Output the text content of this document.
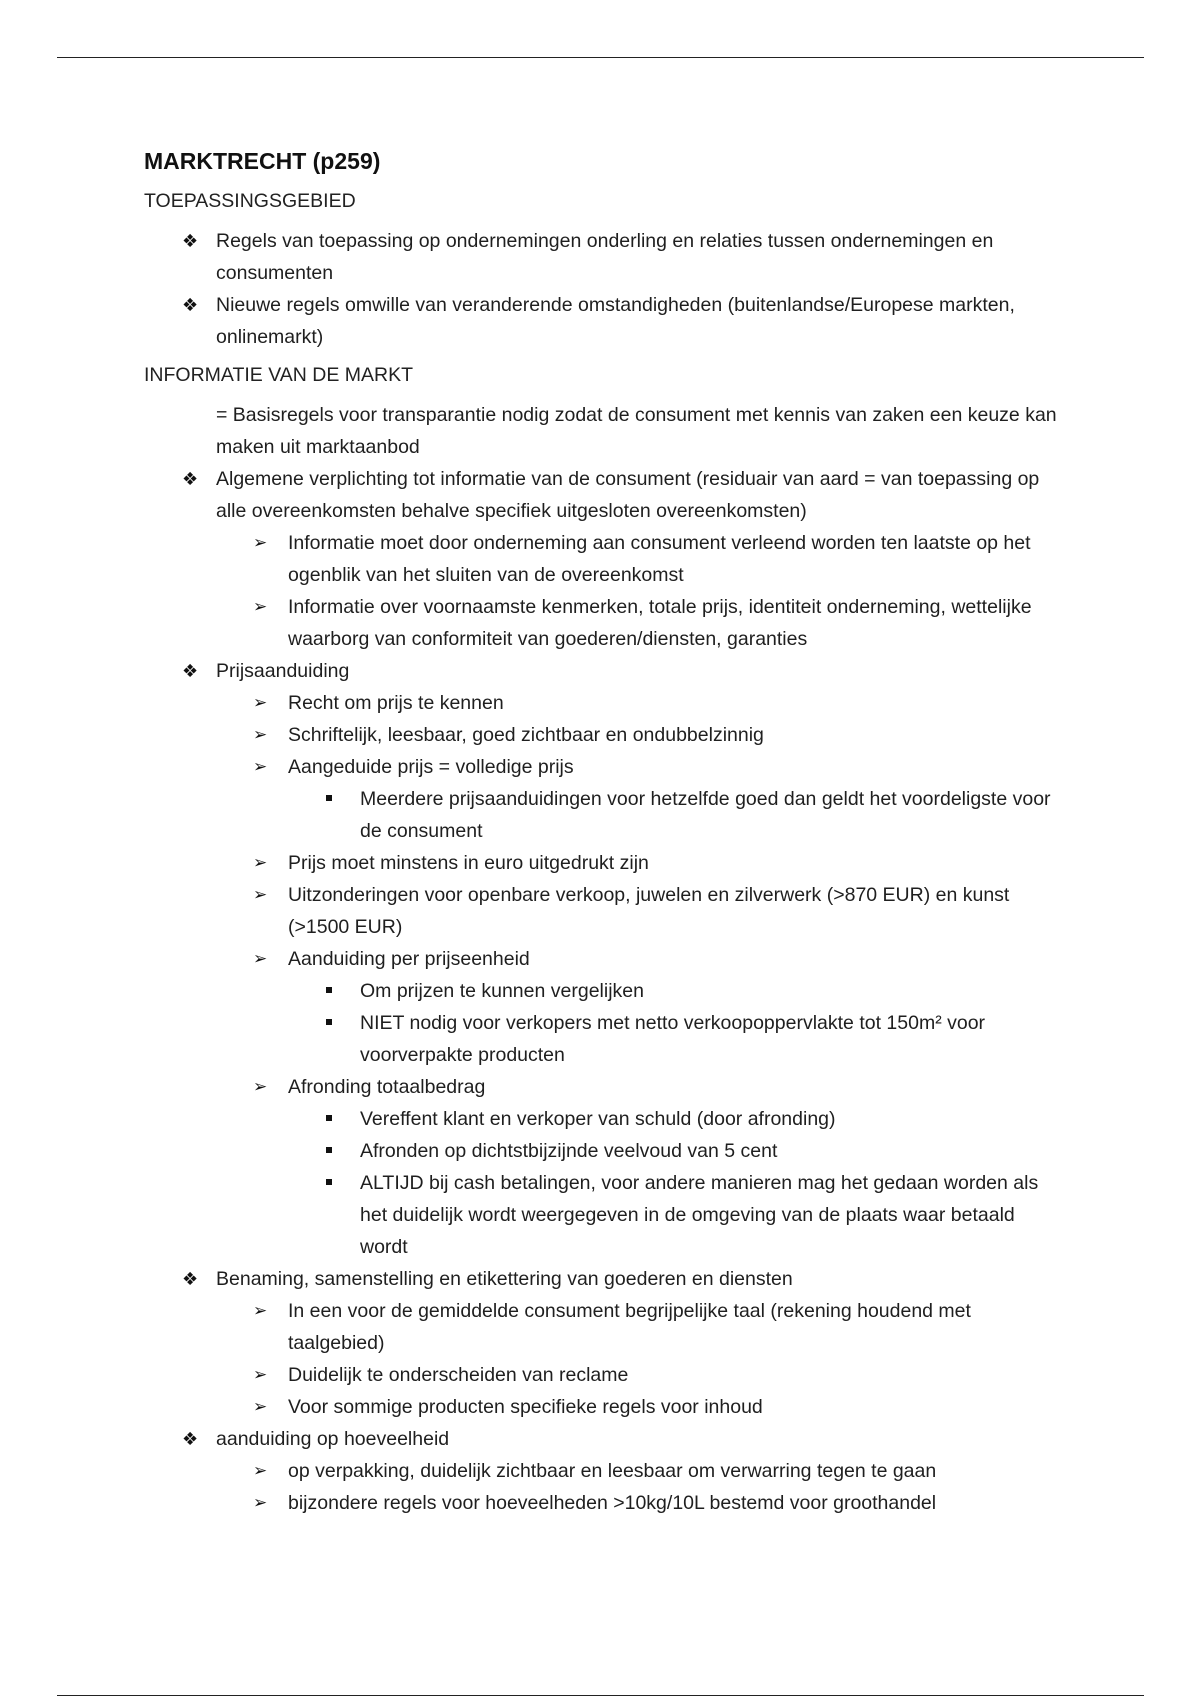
MARKTRECHT (p259)
TOEPASSINGSGEBIED
❖ Regels van toepassing op ondernemingen onderling en relaties tussen ondernemingen en consumenten
❖ Nieuwe regels omwille van veranderende omstandigheden (buitenlandse/Europese markten, onlinemarkt)
INFORMATIE VAN DE MARKT
= Basisregels voor transparantie nodig zodat de consument met kennis van zaken een keuze kan maken uit marktaanbod
❖ Algemene verplichting tot informatie van de consument (residuair van aard = van toepassing op alle overeenkomsten behalve specifiek uitgesloten overeenkomsten)
➢ Informatie moet door onderneming aan consument verleend worden ten laatste op het ogenblik van het sluiten van de overeenkomst
➢ Informatie over voornaamste kenmerken, totale prijs, identiteit onderneming, wettelijke waarborg van conformiteit van goederen/diensten, garanties
❖ Prijsaanduiding
➢ Recht om prijs te kennen
➢ Schriftelijk, leesbaar, goed zichtbaar en ondubbelzinnig
➢ Aangeduide prijs = volledige prijs
Meerdere prijsaanduidingen voor hetzelfde goed dan geldt het voordeligste voor de consument
➢ Prijs moet minstens in euro uitgedrukt zijn
➢ Uitzonderingen voor openbare verkoop, juwelen en zilverwerk (>870 EUR) en kunst (>1500 EUR)
➢ Aanduiding per prijseenheid
Om prijzen te kunnen vergelijken
NIET nodig voor verkopers met netto verkoopoppervlakte tot 150m² voor voorverpakte producten
➢ Afronding totaalbedrag
Vereffent klant en verkoper van schuld (door afronding)
Afronden op dichtstbijzijnde veelvoud van 5 cent
ALTIJD bij cash betalingen, voor andere manieren mag het gedaan worden als het duidelijk wordt weergegeven in de omgeving van de plaats waar betaald wordt
❖ Benaming, samenstelling en etikettering van goederen en diensten
➢ In een voor de gemiddelde consument begrijpelijke taal (rekening houdend met taalgebied)
➢ Duidelijk te onderscheiden van reclame
➢ Voor sommige producten specifieke regels voor inhoud
❖ aanduiding op hoeveelheid
➢ op verpakking, duidelijk zichtbaar en leesbaar om verwarring tegen te gaan
➢ bijzondere regels voor hoeveelheden >10kg/10L bestemd voor groothandel
